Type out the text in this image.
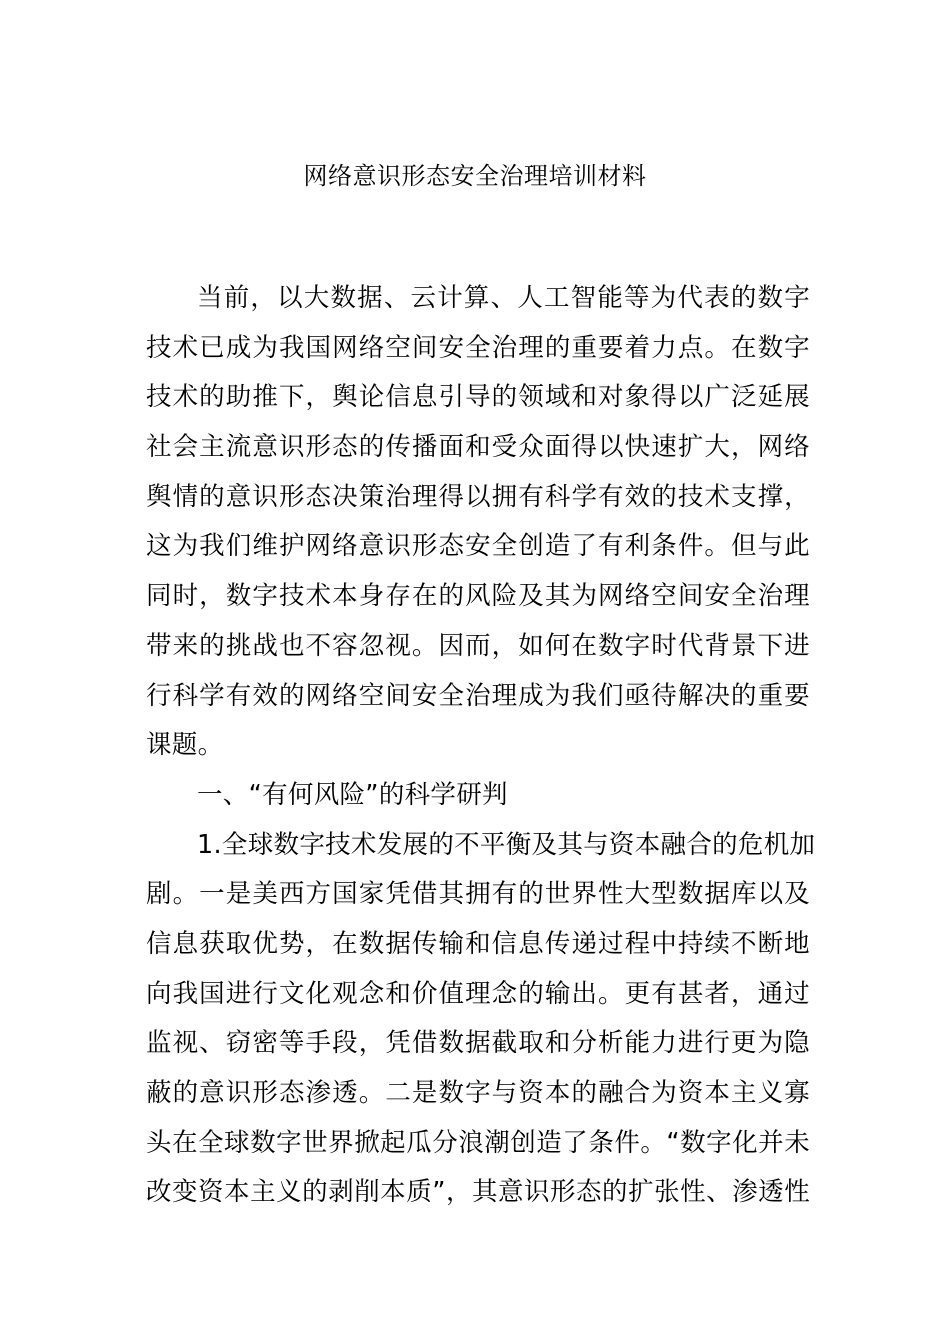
网络意识形态安全治理培训材料
当前，以大数据、云计算、人工智能等为代表的数字
技术已成为我国网络空间安全治理的重要着力点。在数字
技术的助推下，舆论信息引导的领域和对象得以广泛延展
社会主流意识形态的传播面和受众面得以快速扩大，网络
舆情的意识形态决策治理得以拥有科学有效的技术支撑，
这为我们维护网络意识形态安全创造了有利条件。但与此
同时，数字技术本身存在的风险及其为网络空间安全治理
带来的挑战也不容忽视。因而，如何在数字时代背景下进
行科学有效的网络空间安全治理成为我们亟待解决的重要
课题。
一、“有何风险”的科学研判
1.全球数字技术发展的不平衡及其与资本融合的危机加
剧。一是美西方国家凭借其拥有的世界性大型数据库以及
信息获取优势，在数据传输和信息传递过程中持续不断地
向我国进行文化观念和价值理念的输出。更有甚者，通过
监视、窃密等手段，凭借数据截取和分析能力进行更为隐
蔽的意识形态渗透。二是数字与资本的融合为资本主义寡
头在全球数字世界掀起瓜分浪潮创造了条件。“数字化并未
改变资本主义的剥削本质”，其意识形态的扩张性、渗透性
